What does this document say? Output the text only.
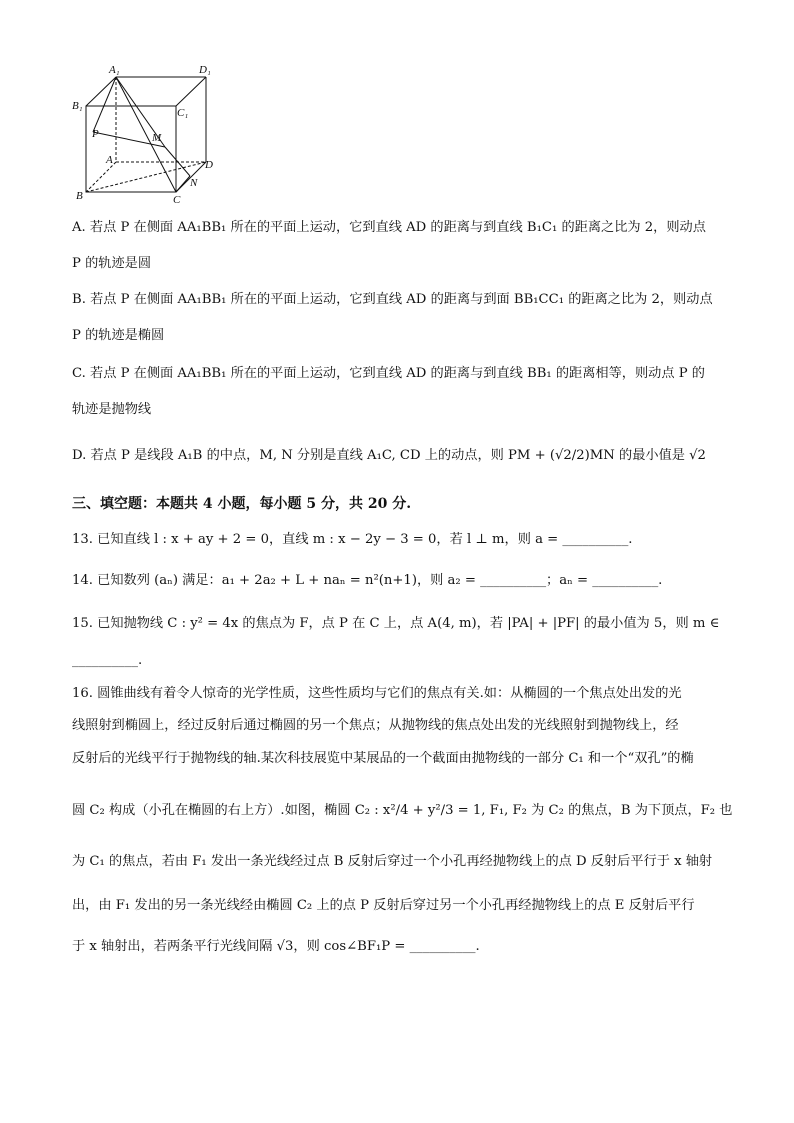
A₁	D₁
B₁
C₁
P	M
A	D
N
B	C
A. 若点 P 在侧面 AA₁BB₁ 所在的平面上运动，它到直线 AD 的距离与到直线 B₁C₁ 的距离之比为 2，则动点
P 的轨迹是圆
B. 若点 P 在侧面 AA₁BB₁ 所在的平面上运动，它到直线 AD 的距离与到面 BB₁CC₁ 的距离之比为 2，则动点
P 的轨迹是椭圆
C. 若点 P 在侧面 AA₁BB₁ 所在的平面上运动，它到直线 AD 的距离与到直线 BB₁ 的距离相等，则动点 P 的
轨迹是抛物线
D. 若点 P 是线段 A₁B 的中点，M, N 分别是直线 A₁C, CD 上的动点，则 PM + (√2/2)MN 的最小值是 √2
三、填空题：本题共 4 小题，每小题 5 分，共 20 分.
13. 已知直线 l : x + ay + 2 = 0，直线 m : x − 2y − 3 = 0，若 l ⊥ m，则 a = __________.
14. 已知数列 (aₙ) 满足：a₁ + 2a₂ + L + naₙ = n²(n+1)，则 a₂ = __________；aₙ = __________.
15. 已知抛物线 C : y² = 4x 的焦点为 F，点 P 在 C 上，点 A(4, m)，若 |PA| + |PF| 的最小值为 5，则 m ∈
__________.
16. 圆锥曲线有着令人惊奇的光学性质，这些性质均与它们的焦点有关.如：从椭圆的一个焦点处出发的光
线照射到椭圆上，经过反射后通过椭圆的另一个焦点；从抛物线的焦点处出发的光线照射到抛物线上，经
反射后的光线平行于抛物线的轴.某次科技展览中某展品的一个截面由抛物线的一部分 C₁ 和一个“双孔”的椭
圆 C₂ 构成（小孔在椭圆的右上方）.如图，椭圆 C₂ : x²/4 + y²/3 = 1, F₁, F₂ 为 C₂ 的焦点，B 为下顶点，F₂ 也
为 C₁ 的焦点，若由 F₁ 发出一条光线经过点 B 反射后穿过一个小孔再经抛物线上的点 D 反射后平行于 x 轴射
出，由 F₁ 发出的另一条光线经由椭圆 C₂ 上的点 P 反射后穿过另一个小孔再经抛物线上的点 E 反射后平行
于 x 轴射出，若两条平行光线间隔 √3，则 cos∠BF₁P = __________.
